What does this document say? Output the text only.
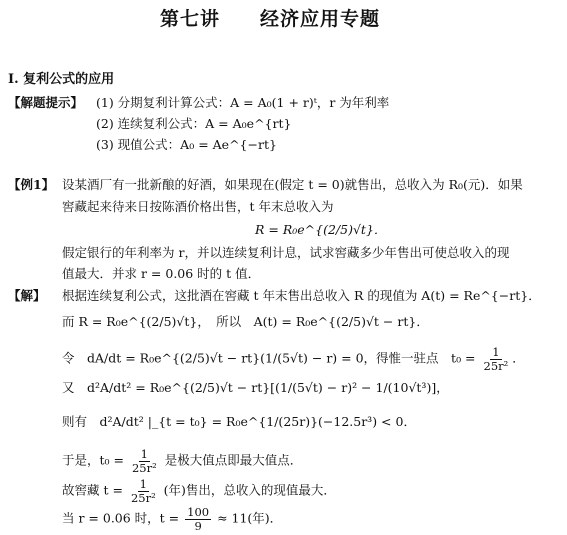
第七讲 经济应用专题
Ⅰ. 复利公式的应用
【解题提示】 (1) 分期复利计算公式：A = A₀(1 + r)ᵗ，r 为年利率
(2) 连续复利公式：A = A₀e^{rt}
(3) 现值公式：A₀ = Ae^{−rt}
【例1】 设某酒厂有一批新酿的好酒，如果现在(假定 t = 0)就售出，总收入为 R₀(元)．如果
窖藏起来待来日按陈酒价格出售，t 年末总收入为
R = R₀e^{(2/5)√t}．
假定银行的年利率为 r，并以连续复利计息，试求窖藏多少年售出可使总收入的现
值最大．并求 r = 0.06 时的 t 值．
【解】 根据连续复利公式，这批酒在窖藏 t 年末售出总收入 R 的现值为 A(t) = Re^{−rt}．
而 R = R₀e^{(2/5)√t}，　所以　A(t) = R₀e^{(2/5)√t − rt}．
令　dA/dt = R₀e^{(2/5)√t − rt}(1/(5√t) − r) = 0，得惟一驻点　$t_0 = \frac{1}{\text{25r²}}$ ．
又　d²A/dt² = R₀e^{(2/5)√t − rt}[(1/(5√t) − r)² − 1/(10√t³)]，
则有　d²A/dt² |_{t = t₀} = R₀e^{1/(25r)}(−12.5r³) < 0．
于是，$t_0 = \frac{1}{\text{25r²}}$ 是极大值点即最大值点．
故窖藏 $t = \frac{1}{\text{25r²}}$ (年)售出，总收入的现值最大．
当 r = 0.06 时，$t = \frac{100}{9} \approx 11$(年)．
